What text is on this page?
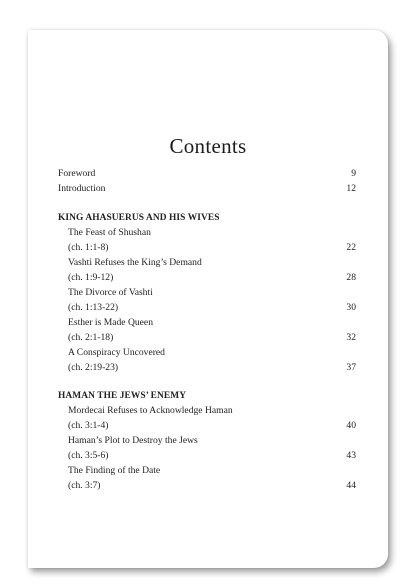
Contents
Foreword	9
Introduction	12
KING AHASUERUS AND HIS WIVES
The Feast of Shushan
(ch. 1:1-8)	22
Vashti Refuses the King’s Demand
(ch. 1:9-12)	28
The Divorce of Vashti
(ch. 1:13-22)	30
Esther is Made Queen
(ch. 2:1-18)	32
A Conspiracy Uncovered
(ch. 2:19-23)	37
HAMAN THE JEWS’ ENEMY
Mordecai Refuses to Acknowledge Haman
(ch. 3:1-4)	40
Haman’s Plot to Destroy the Jews
(ch. 3:5-6)	43
The Finding of the Date
(ch. 3:7)	44
